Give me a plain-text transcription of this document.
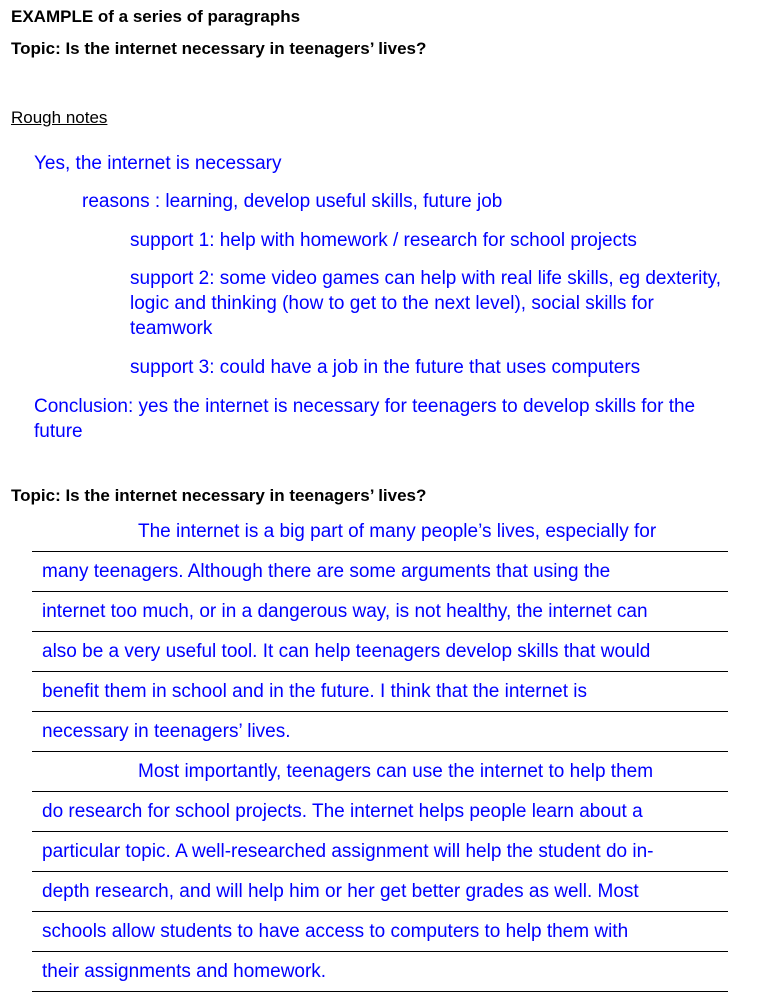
EXAMPLE of a series of paragraphs
Topic: Is the internet necessary in teenagers’ lives?
Rough notes
Yes, the internet is necessary
reasons : learning, develop useful skills, future job
support 1: help with homework / research for school projects
support 2: some video games can help with real life skills, eg dexterity, logic and thinking (how to get to the next level), social skills for teamwork
support 3: could have a job in the future that uses computers
Conclusion: yes the internet is necessary for teenagers to develop skills for the future
Topic: Is the internet necessary in teenagers’ lives?
The internet is a big part of many people’s lives, especially for
many teenagers. Although there are some arguments that using the
internet too much, or in a dangerous way, is not healthy, the internet can
also be a very useful tool. It can help teenagers develop skills that would
benefit them in school and in the future. I think that the internet is
necessary in teenagers’ lives.
Most importantly, teenagers can use the internet to help them
do research for school projects. The internet helps people learn about a
particular topic. A well-researched assignment will help the student do in-
depth research, and will help him or her get better grades as well. Most
schools allow students to have access to computers to help them with
their assignments and homework.
